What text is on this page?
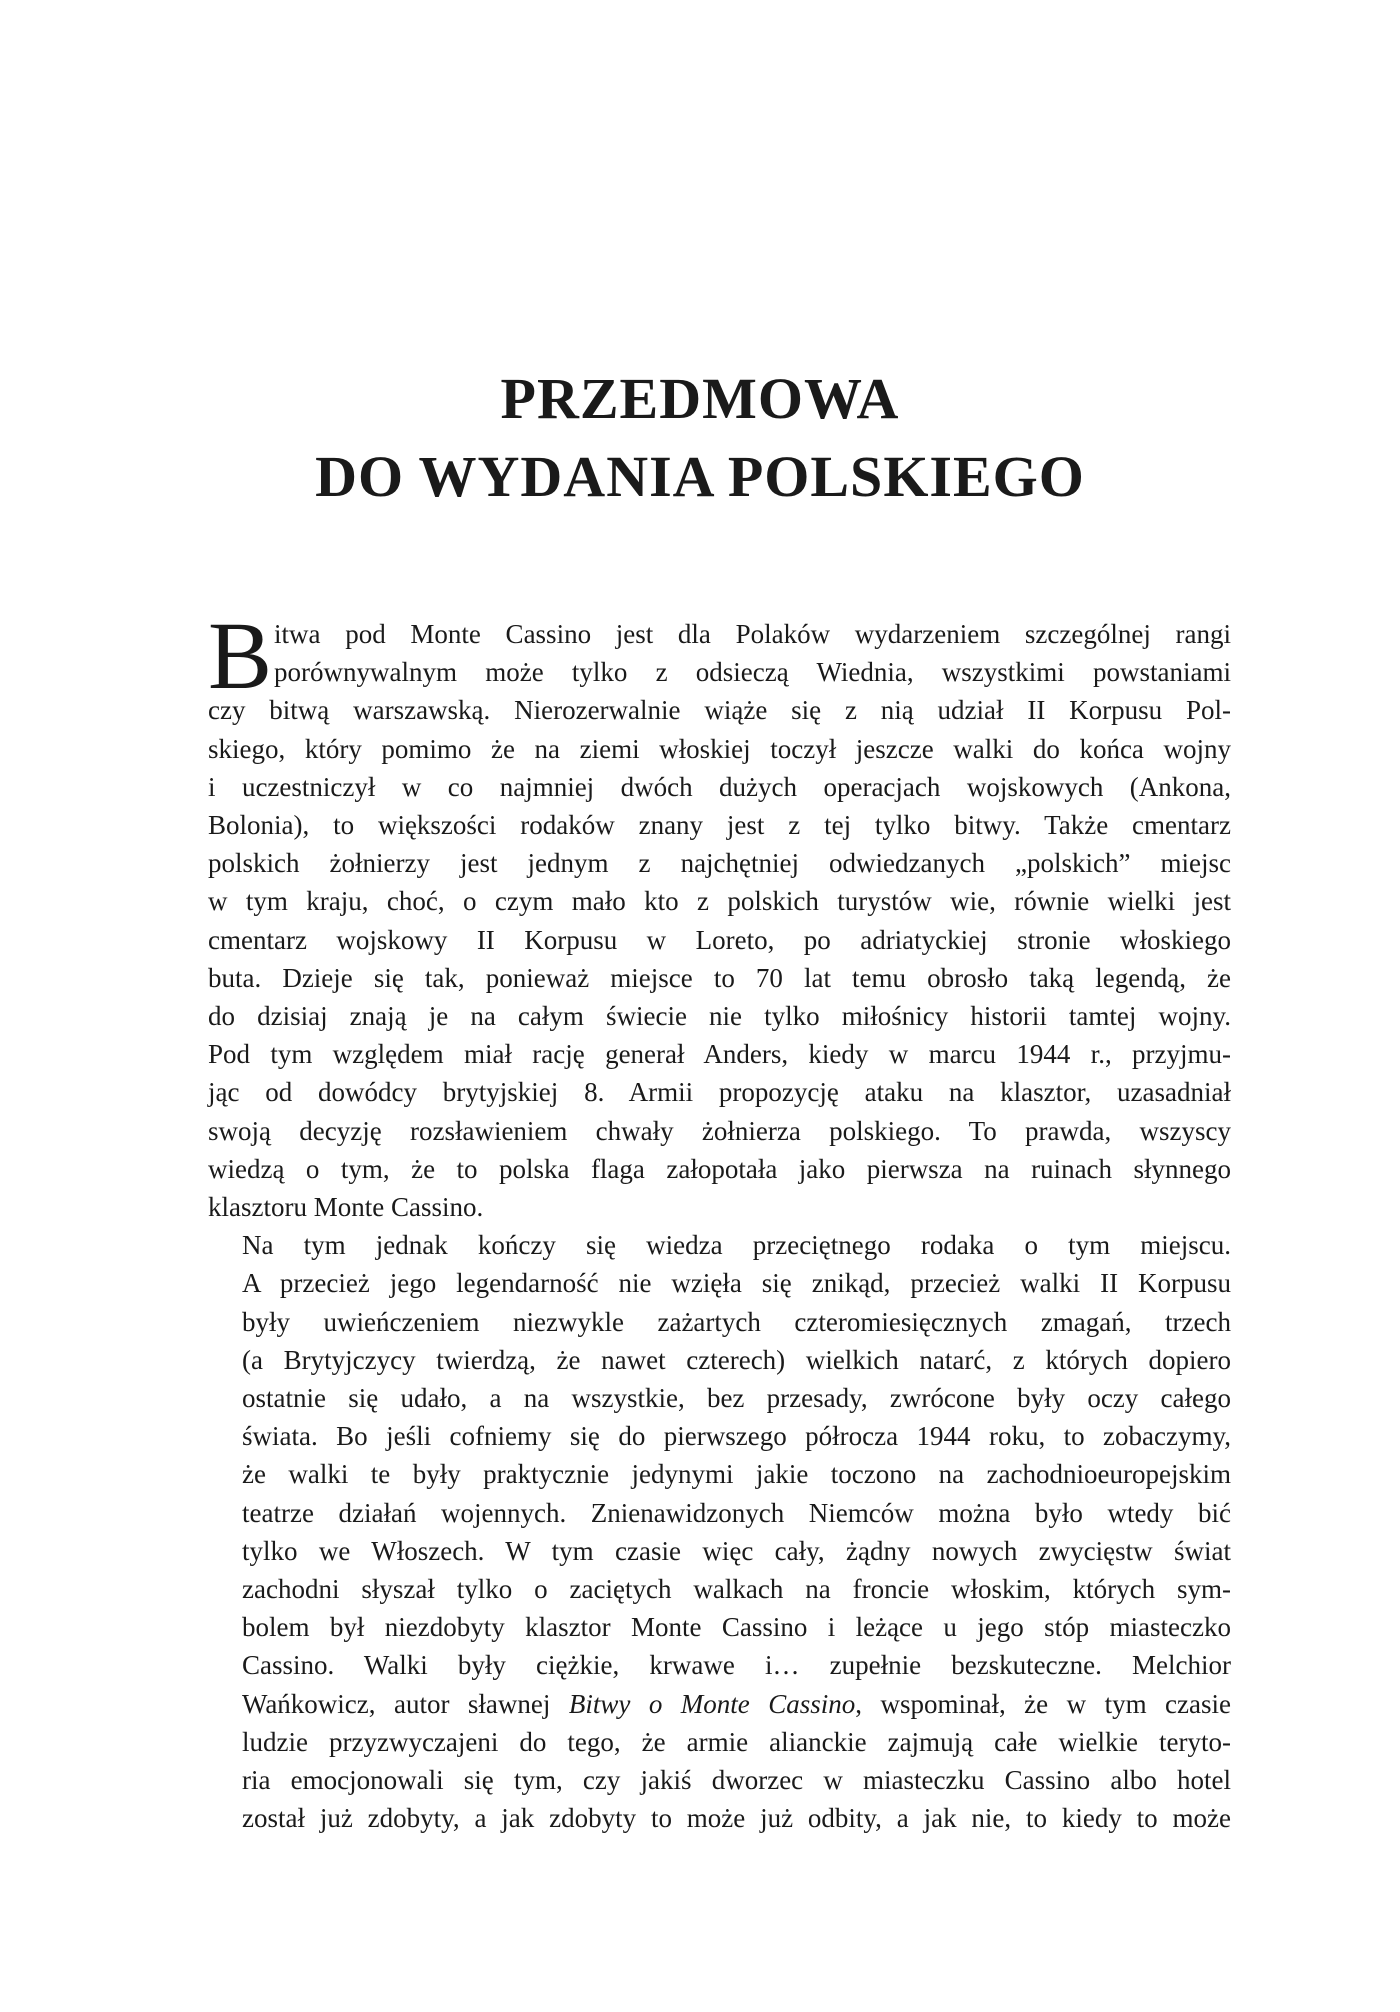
PRZEDMOWA
DO WYDANIA POLSKIEGO

B itwa pod Monte Cassino jest dla Polaków wydarzeniem szczególnej rangi
porównywalnym może tylko z odsieczą Wiednia, wszystkimi powstaniami
czy bitwą warszawską. Nierozerwalnie wiąże się z nią udział II Korpusu Pol-
skiego, który pomimo że na ziemi włoskiej toczył jeszcze walki do końca wojny
i uczestniczył w co najmniej dwóch dużych operacjach wojskowych (Ankona,
Bolonia), to większości rodaków znany jest z tej tylko bitwy. Także cmentarz
polskich żołnierzy jest jednym z najchętniej odwiedzanych „polskich” miejsc
w tym kraju, choć, o czym mało kto z polskich turystów wie, równie wielki jest
cmentarz wojskowy II Korpusu w Loreto, po adriatyckiej stronie włoskiego
buta. Dzieje się tak, ponieważ miejsce to 70 lat temu obrosło taką legendą, że
do dzisiaj znają je na całym świecie nie tylko miłośnicy historii tamtej wojny.
Pod tym względem miał rację generał Anders, kiedy w marcu 1944 r., przyjmu-
jąc od dowódcy brytyjskiej 8. Armii propozycję ataku na klasztor, uzasadniał
swoją decyzję rozsławieniem chwały żołnierza polskiego. To prawda, wszyscy
wiedzą o tym, że to polska flaga załopotała jako pierwsza na ruinach słynnego
klasztoru Monte Cassino.

Na tym jednak kończy się wiedza przeciętnego rodaka o tym miejscu.
A przecież jego legendarność nie wzięła się znikąd, przecież walki II Korpusu
były uwieńczeniem niezwykle zażartych czteromiesięcznych zmagań, trzech
(a Brytyjczycy twierdzą, że nawet czterech) wielkich natarć, z których dopiero
ostatnie się udało, a na wszystkie, bez przesady, zwrócone były oczy całego
świata. Bo jeśli cofniemy się do pierwszego półrocza 1944 roku, to zobaczymy,
że walki te były praktycznie jedynymi jakie toczono na zachodnioeuropejskim
teatrze działań wojennych. Znienawidzonych Niemców można było wtedy bić
tylko we Włoszech. W tym czasie więc cały, żądny nowych zwycięstw świat
zachodni słyszał tylko o zaciętych walkach na froncie włoskim, których sym-
bolem był niezdobyty klasztor Monte Cassino i leżące u jego stóp miasteczko
Cassino. Walki były ciężkie, krwawe i… zupełnie bezskuteczne. Melchior
Wańkowicz, autor sławnej Bitwy o Monte Cassino, wspominał, że w tym czasie
ludzie przyzwyczajeni do tego, że armie alianckie zajmują całe wielkie teryto-
ria emocjonowali się tym, czy jakiś dworzec w miasteczku Cassino albo hotel
został już zdobyty, a jak zdobyty to może już odbity, a jak nie, to kiedy to może
